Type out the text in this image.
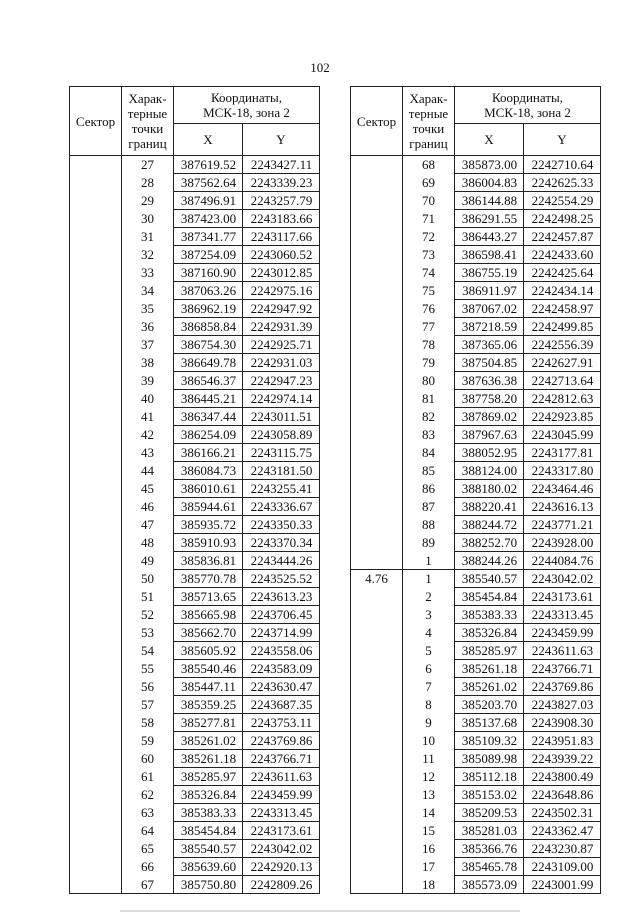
102
Сектор	Харак-
терные
точки
границ	Координаты,
МСК-18, зона 2	
		X	Y
	27	387619.52	2243427.11
	28	387562.64	2243339.23
	29	387496.91	2243257.79
	30	387423.00	2243183.66
	31	387341.77	2243117.66
	32	387254.09	2243060.52
	33	387160.90	2243012.85
	34	387063.26	2242975.16
	35	386962.19	2242947.92
	36	386858.84	2242931.39
	37	386754.30	2242925.71
	38	386649.78	2242931.03
	39	386546.37	2242947.23
	40	386445.21	2242974.14
	41	386347.44	2243011.51
	42	386254.09	2243058.89
	43	386166.21	2243115.75
	44	386084.73	2243181.50
	45	386010.61	2243255.41
	46	385944.61	2243336.67
	47	385935.72	2243350.33
	48	385910.93	2243370.34
	49	385836.81	2243444.26
	50	385770.78	2243525.52
	51	385713.65	2243613.23
	52	385665.98	2243706.45
	53	385662.70	2243714.99
	54	385605.92	2243558.06
	55	385540.46	2243583.09
	56	385447.11	2243630.47
	57	385359.25	2243687.35
	58	385277.81	2243753.11
	59	385261.02	2243769.86
	60	385261.18	2243766.71
	61	385285.97	2243611.63
	62	385326.84	2243459.99
	63	385383.33	2243313.45
	64	385454.84	2243173.61
	65	385540.57	2243042.02
	66	385639.60	2242920.13
	67	385750.80	2242809.26
Сектор	Харак-
терные
точки
границ	Координаты,
МСК-18, зона 2	
		X	Y
	68	385873.00	2242710.64
	69	386004.83	2242625.33
	70	386144.88	2242554.29
	71	386291.55	2242498.25
	72	386443.27	2242457.87
	73	386598.41	2242433.60
	74	386755.19	2242425.64
	75	386911.97	2242434.14
	76	387067.02	2242458.97
	77	387218.59	2242499.85
	78	387365.06	2242556.39
	79	387504.85	2242627.91
	80	387636.38	2242713.64
	81	387758.20	2242812.63
	82	387869.02	2242923.85
	83	387967.63	2243045.99
	84	388052.95	2243177.81
	85	388124.00	2243317.80
	86	388180.02	2243464.46
	87	388220.41	2243616.13
	88	388244.72	2243771.21
	89	388252.70	2243928.00
	1	388244.26	2244084.76
4.76	1	385540.57	2243042.02
	2	385454.84	2243173.61
	3	385383.33	2243313.45
	4	385326.84	2243459.99
	5	385285.97	2243611.63
	6	385261.18	2243766.71
	7	385261.02	2243769.86
	8	385203.70	2243827.03
	9	385137.68	2243908.30
	10	385109.32	2243951.83
	11	385089.98	2243939.22
	12	385112.18	2243800.49
	13	385153.02	2243648.86
	14	385209.53	2243502.31
	15	385281.03	2243362.47
	16	385366.76	2243230.87
	17	385465.78	2243109.00
	18	385573.09	2243001.99
